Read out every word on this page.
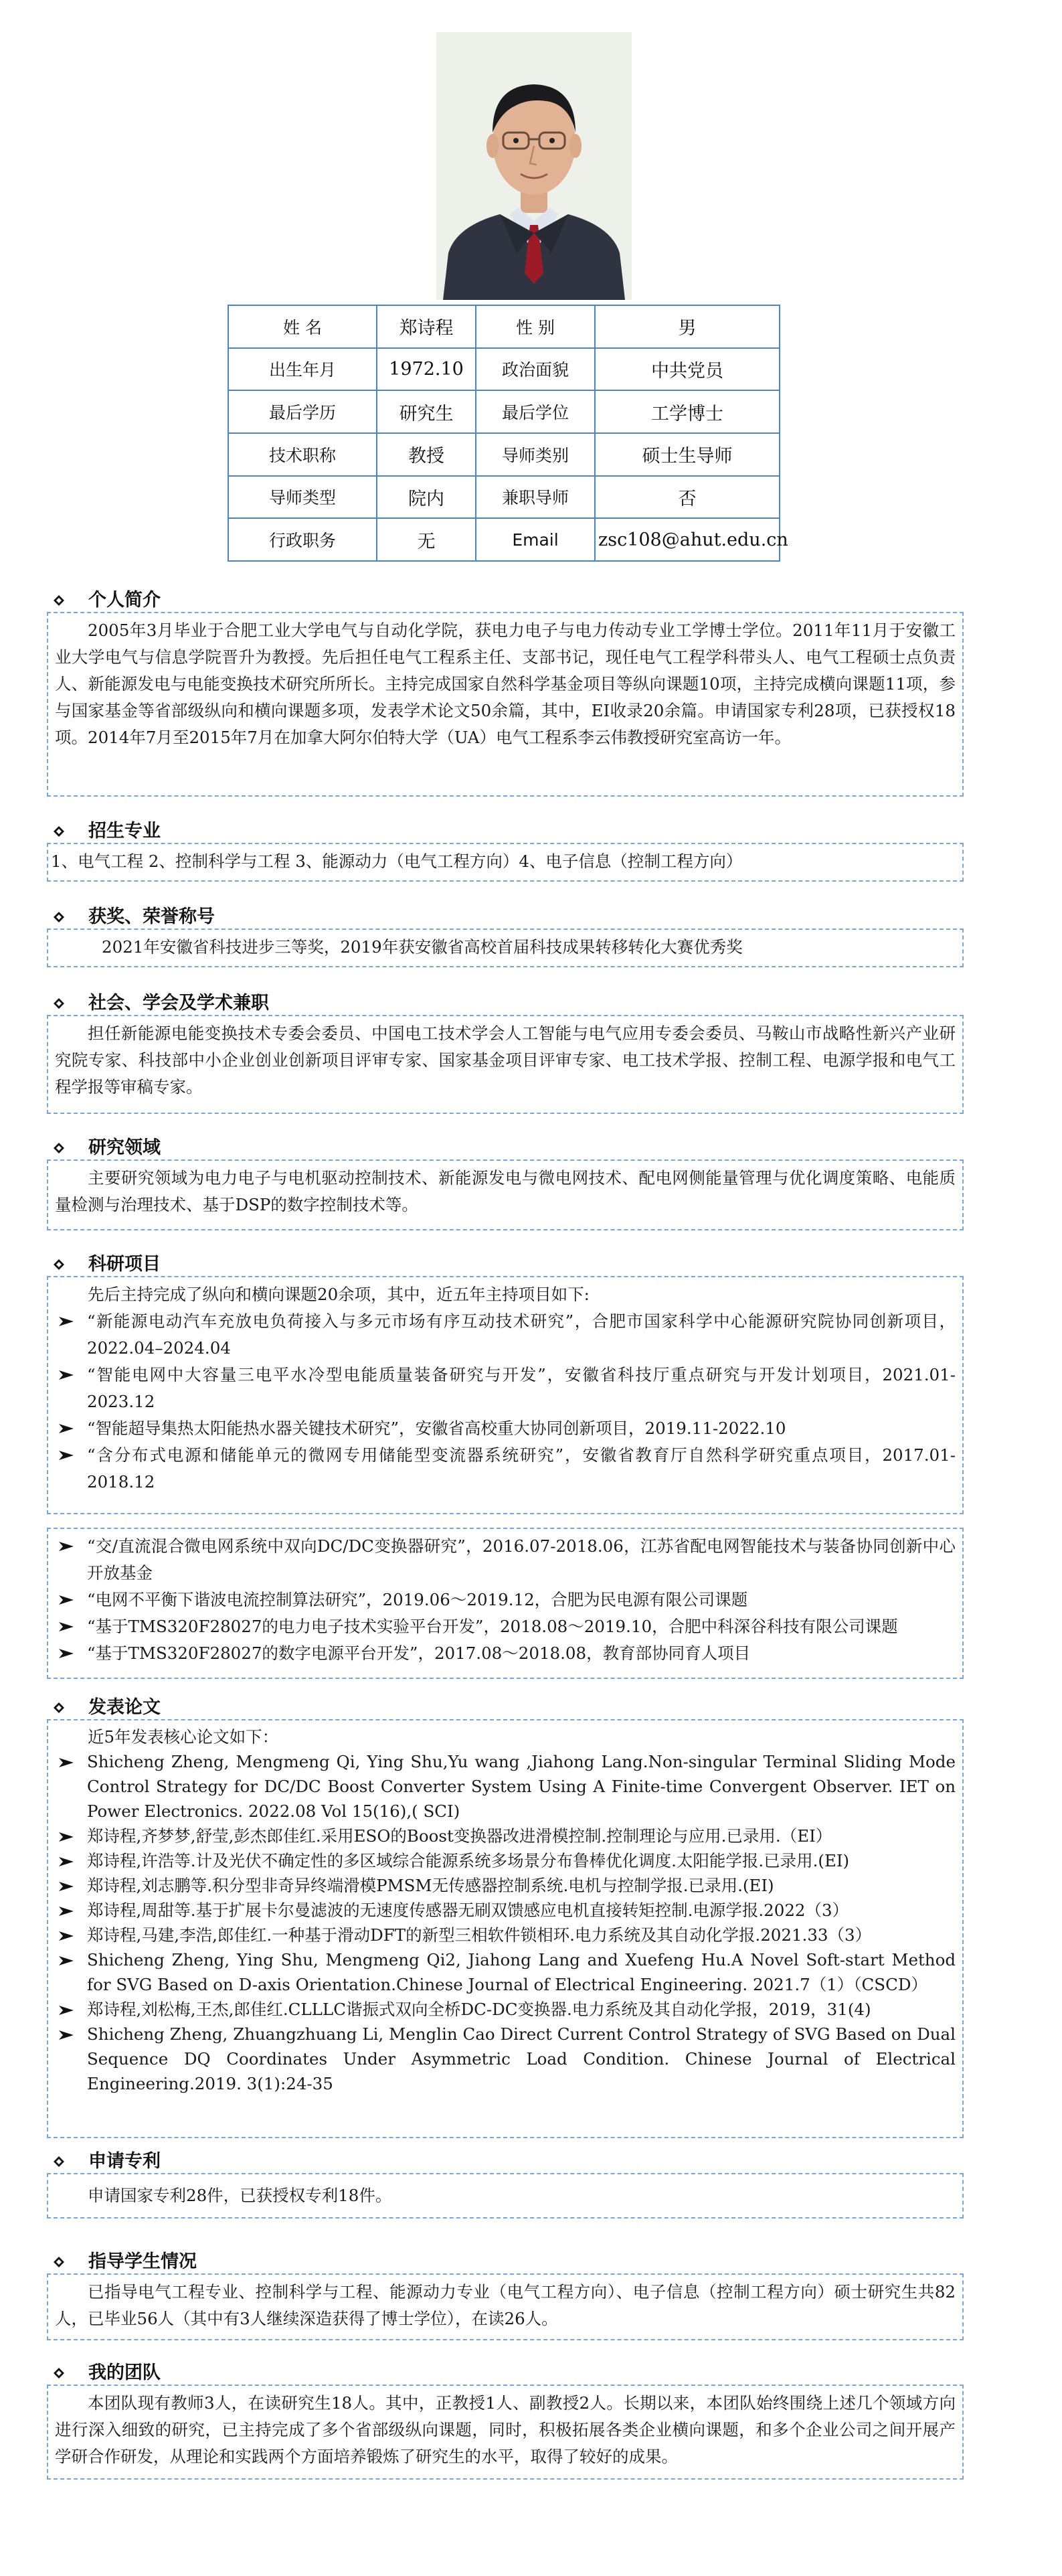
姓 名	郑诗程	性 别	男
出生年月	1972.10	政治面貌	中共党员
最后学历	研究生	最后学位	工学博士
技术职称	教授	导师类别	硕士生导师
导师类型	院内	兼职导师	否
行政职务	无	Email	zsc108@ahut.edu.cn
个人简介

2005年3月毕业于合肥工业大学电气与自动化学院，获电力电子与电力传动专业工学博士学位。2011年11月于安徽工业大学电气与信息学院晋升为教授。先后担任电气工程系主任、支部书记，现任电气工程学科带头人、电气工程硕士点负责人、新能源发电与电能变换技术研究所所长。主持完成国家自然科学基金项目等纵向课题10项，主持完成横向课题11项，参与国家基金等省部级纵向和横向课题多项，发表学术论文50余篇，其中，EI收录20余篇。申请国家专利28项，已获授权18项。2014年7月至2015年7月在加拿大阿尔伯特大学（UA）电气工程系李云伟教授研究室高访一年。

招生专业

1、电气工程 2、控制科学与工程 3、能源动力（电气工程方向）4、电子信息（控制工程方向）

获奖、荣誉称号

2021年安徽省科技进步三等奖，2019年获安徽省高校首届科技成果转移转化大赛优秀奖

社会、学会及学术兼职

担任新能源电能变换技术专委会委员、中国电工技术学会人工智能与电气应用专委会委员、马鞍山市战略性新兴产业研究院专家、科技部中小企业创业创新项目评审专家、国家基金项目评审专家、电工技术学报、控制工程、电源学报和电气工程学报等审稿专家。

研究领域

主要研究领域为电力电子与电机驱动控制技术、新能源发电与微电网技术、配电网侧能量管理与优化调度策略、电能质量检测与治理技术、基于DSP的数字控制技术等。

科研项目

先后主持完成了纵向和横向课题20余项，其中，近五年主持项目如下:

“新能源电动汽车充放电负荷接入与多元市场有序互动技术研究”，合肥市国家科学中心能源研究院协同创新项目，2022.04–2024.04
“智能电网中大容量三电平水冷型电能质量装备研究与开发”，安徽省科技厅重点研究与开发计划项目，2021.01-2023.12
“智能超导集热太阳能热水器关键技术研究”，安徽省高校重大协同创新项目，2019.11-2022.10
“含分布式电源和储能单元的微网专用储能型变流器系统研究”，安徽省教育厅自然科学研究重点项目，2017.01-2018.12
“交/直流混合微电网系统中双向DC/DC变换器研究”，2016.07-2018.06，江苏省配电网智能技术与装备协同创新中心开放基金
“电网不平衡下谐波电流控制算法研究”，2019.06～2019.12，合肥为民电源有限公司课题
“基于TMS320F28027的电力电子技术实验平台开发”，2018.08～2019.10，合肥中科深谷科技有限公司课题
“基于TMS320F28027的数字电源平台开发”，2017.08～2018.08，教育部协同育人项目
发表论文

近5年发表核心论文如下：

Shicheng Zheng, Mengmeng Qi, Ying Shu,Yu wang ,Jiahong Lang.Non-singular Terminal Sliding Mode Control Strategy for DC/DC Boost Converter System Using A Finite-time Convergent Observer. IET on Power Electronics. 2022.08 Vol 15(16),( SCI)
郑诗程,齐梦梦,舒莹,彭杰郎佳红.采用ESO的Boost变换器改进滑模控制.控制理论与应用.已录用.（EI）
郑诗程,许浩等.计及光伏不确定性的多区域综合能源系统多场景分布鲁棒优化调度.太阳能学报.已录用.(EI)
郑诗程,刘志鹏等.积分型非奇异终端滑模PMSM无传感器控制系统.电机与控制学报.已录用.(EI)
郑诗程,周甜等.基于扩展卡尔曼滤波的无速度传感器无刷双馈感应电机直接转矩控制.电源学报.2022（3）
郑诗程,马建,李浩,郎佳红.一种基于滑动DFT的新型三相软件锁相环.电力系统及其自动化学报.2021.33（3）
Shicheng Zheng, Ying Shu, Mengmeng Qi2, Jiahong Lang and Xuefeng Hu.A Novel Soft-start Method for SVG Based on D-axis Orientation.Chinese Journal of Electrical Engineering. 2021.7（1）（CSCD）
郑诗程,刘松梅,王杰,郎佳红.CLLLC谐振式双向全桥DC-DC变换器.电力系统及其自动化学报，2019，31(4)
Shicheng Zheng, Zhuangzhuang Li, Menglin Cao Direct Current Control Strategy of SVG Based on Dual Sequence DQ Coordinates Under Asymmetric Load Condition. Chinese Journal of Electrical Engineering.2019. 3(1):24-35
申请专利

申请国家专利28件，已获授权专利18件。

指导学生情况

已指导电气工程专业、控制科学与工程、能源动力专业（电气工程方向）、电子信息（控制工程方向）硕士研究生共82人，已毕业56人（其中有3人继续深造获得了博士学位），在读26人。

我的团队

本团队现有教师3人，在读研究生18人。其中，正教授1人、副教授2人。长期以来，本团队始终围绕上述几个领域方向进行深入细致的研究，已主持完成了多个省部级纵向课题，同时，积极拓展各类企业横向课题，和多个企业公司之间开展产学研合作研发，从理论和实践两个方面培养锻炼了研究生的水平，取得了较好的成果。
